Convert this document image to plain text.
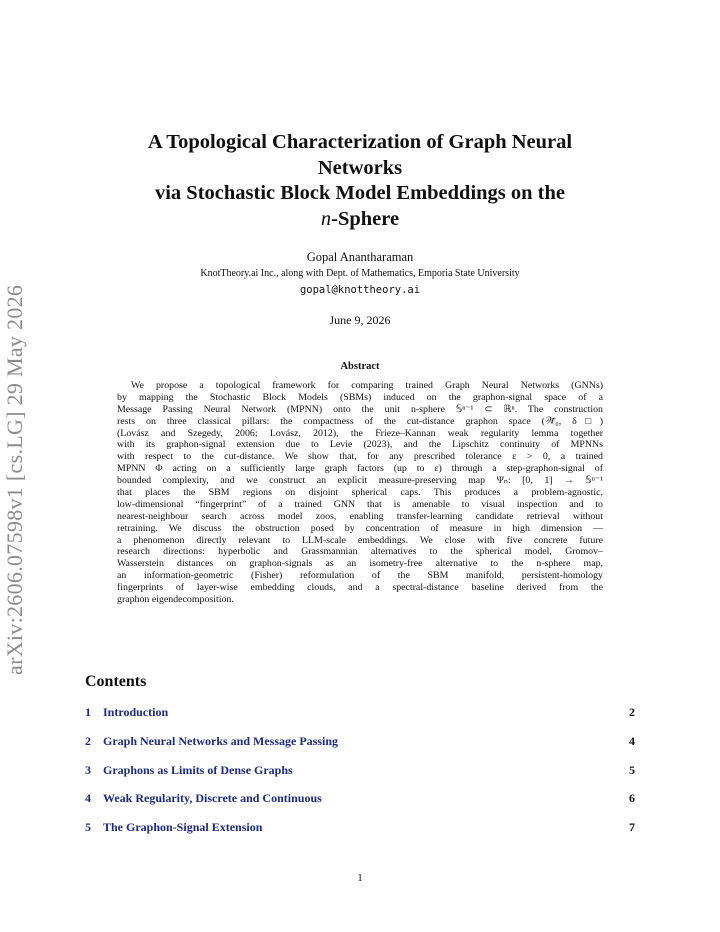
arXiv:2606.07598v1 [cs.LG] 29 May 2026
A Topological Characterization of Graph Neural
Networks
via Stochastic Block Model Embeddings on the
n-Sphere
Gopal Anantharaman
KnotTheory.ai Inc., along with Dept. of Mathematics, Emporia State University
gopal@knottheory.ai
June 9, 2026
Abstract
We propose a topological framework for comparing trained Graph Neural Networks (GNNs)
by mapping the Stochastic Block Models (SBMs) induced on the graphon-signal space of a
Message Passing Neural Network (MPNN) onto the unit n-sphere 𝕊ⁿ⁻¹ ⊂ ℝⁿ. The construction
rests on three classical pillars: the compactness of the cut-distance graphon space (𝒲̃₀, δ□)
(Lovász and Szegedy, 2006; Lovász, 2012), the Frieze–Kannan weak regularity lemma together
with its graphon-signal extension due to Levie (2023), and the Lipschitz continuity of MPNNs
with respect to the cut-distance. We show that, for any prescribed tolerance ε > 0, a trained
MPNN Φ acting on a sufficiently large graph factors (up to ε) through a step-graphon-signal of
bounded complexity, and we construct an explicit measure-preserving map Ψₙ: [0, 1] → 𝕊ⁿ⁻¹
that places the SBM regions on disjoint spherical caps. This produces a problem-agnostic,
low-dimensional “fingerprint” of a trained GNN that is amenable to visual inspection and to
nearest-neighbour search across model zoos, enabling transfer-learning candidate retrieval without
retraining. We discuss the obstruction posed by concentration of measure in high dimension —
a phenomenon directly relevant to LLM-scale embeddings. We close with five concrete future
research directions: hyperbolic and Grassmannian alternatives to the spherical model, Gromov–
Wasserstein distances on graphon-signals as an isometry-free alternative to the n-sphere map,
an information-geometric (Fisher) reformulation of the SBM manifold, persistent-homology
fingerprints of layer-wise embedding clouds, and a spectral-distance baseline derived from the
graphon eigendecomposition.
Contents
1 Introduction	2
2 Graph Neural Networks and Message Passing	4
3 Graphons as Limits of Dense Graphs	5
4 Weak Regularity, Discrete and Continuous	6
5 The Graphon-Signal Extension	7
1
